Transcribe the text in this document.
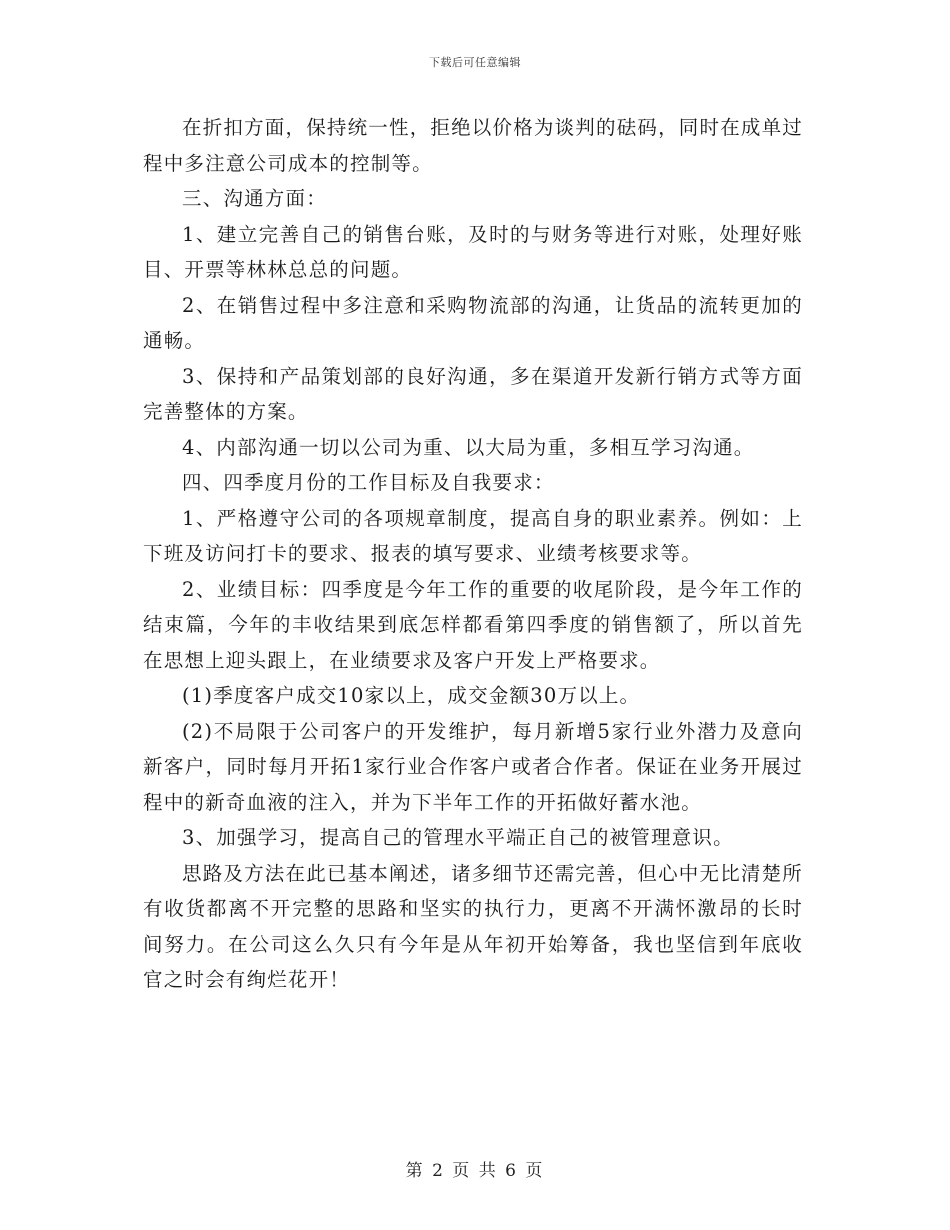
下载后可任意编辑

在折扣方面，保持统一性，拒绝以价格为谈判的砝码，同时在成单过程中多注意公司成本的控制等。

三、沟通方面：

1、建立完善自己的销售台账，及时的与财务等进行对账，处理好账目、开票等林林总总的问题。

2、在销售过程中多注意和采购物流部的沟通，让货品的流转更加的通畅。

3、保持和产品策划部的良好沟通，多在渠道开发新行销方式等方面完善整体的方案。

4、内部沟通一切以公司为重、以大局为重，多相互学习沟通。

四、四季度月份的工作目标及自我要求：

1、严格遵守公司的各项规章制度，提高自身的职业素养。例如：上下班及访问打卡的要求、报表的填写要求、业绩考核要求等。

2、业绩目标：四季度是今年工作的重要的收尾阶段，是今年工作的结束篇，今年的丰收结果到底怎样都看第四季度的销售额了，所以首先在思想上迎头跟上，在业绩要求及客户开发上严格要求。

(1)季度客户成交10家以上，成交金额30万以上。

(2)不局限于公司客户的开发维护，每月新增5家行业外潜力及意向新客户，同时每月开拓1家行业合作客户或者合作者。保证在业务开展过程中的新奇血液的注入，并为下半年工作的开拓做好蓄水池。

3、加强学习，提高自己的管理水平端正自己的被管理意识。

思路及方法在此已基本阐述，诸多细节还需完善，但心中无比清楚所有收货都离不开完整的思路和坚实的执行力，更离不开满怀激昂的长时间努力。在公司这么久只有今年是从年初开始筹备，我也坚信到年底收官之时会有绚烂花开！

第 2 页 共 6 页
